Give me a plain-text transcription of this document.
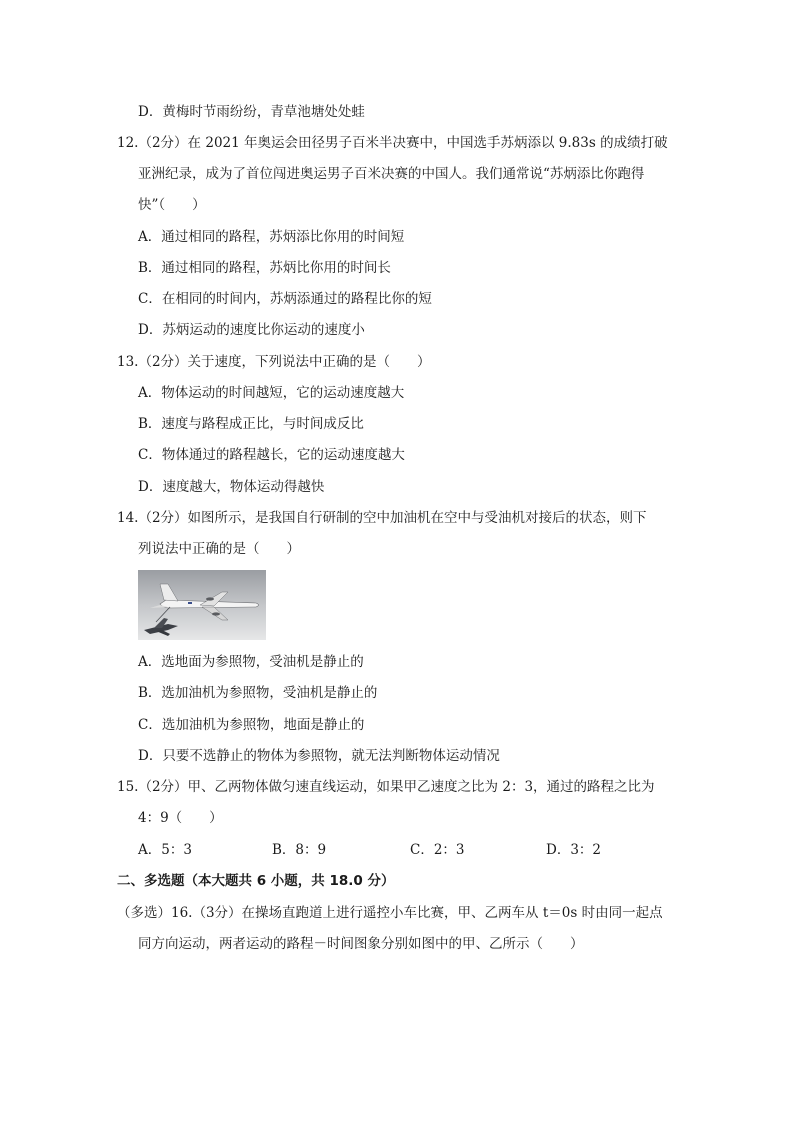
D．黄梅时节雨纷纷，青草池塘处处蛙
12.（2分）在 2021 年奥运会田径男子百米半决赛中，中国选手苏炳添以 9.83s 的成绩打破
亚洲纪录，成为了首位闯进奥运男子百米决赛的中国人。我们通常说“苏炳添比你跑得
快”（　　）
A．通过相同的路程，苏炳添比你用的时间短
B．通过相同的路程，苏炳比你用的时间长
C．在相同的时间内，苏炳添通过的路程比你的短
D．苏炳运动的速度比你运动的速度小
13.（2分）关于速度，下列说法中正确的是（　　）
A．物体运动的时间越短，它的运动速度越大
B．速度与路程成正比，与时间成反比
C．物体通过的路程越长，它的运动速度越大
D．速度越大，物体运动得越快
14.（2分）如图所示，是我国自行研制的空中加油机在空中与受油机对接后的状态，则下
列说法中正确的是（　　）
A．选地面为参照物，受油机是静止的
B．选加油机为参照物，受油机是静止的
C．选加油机为参照物，地面是静止的
D．只要不选静止的物体为参照物，就无法判断物体运动情况
15.（2分）甲、乙两物体做匀速直线运动，如果甲乙速度之比为 2：3，通过的路程之比为
4：9（　　）
A．5：3	B．8：9	C．2：3	D．3：2
二、多选题（本大题共 6 小题，共 18.0 分）
（多选）16.（3分）在操场直跑道上进行遥控小车比赛，甲、乙两车从 t＝0s 时由同一起点
同方向运动，两者运动的路程－时间图象分别如图中的甲、乙所示（　　）
